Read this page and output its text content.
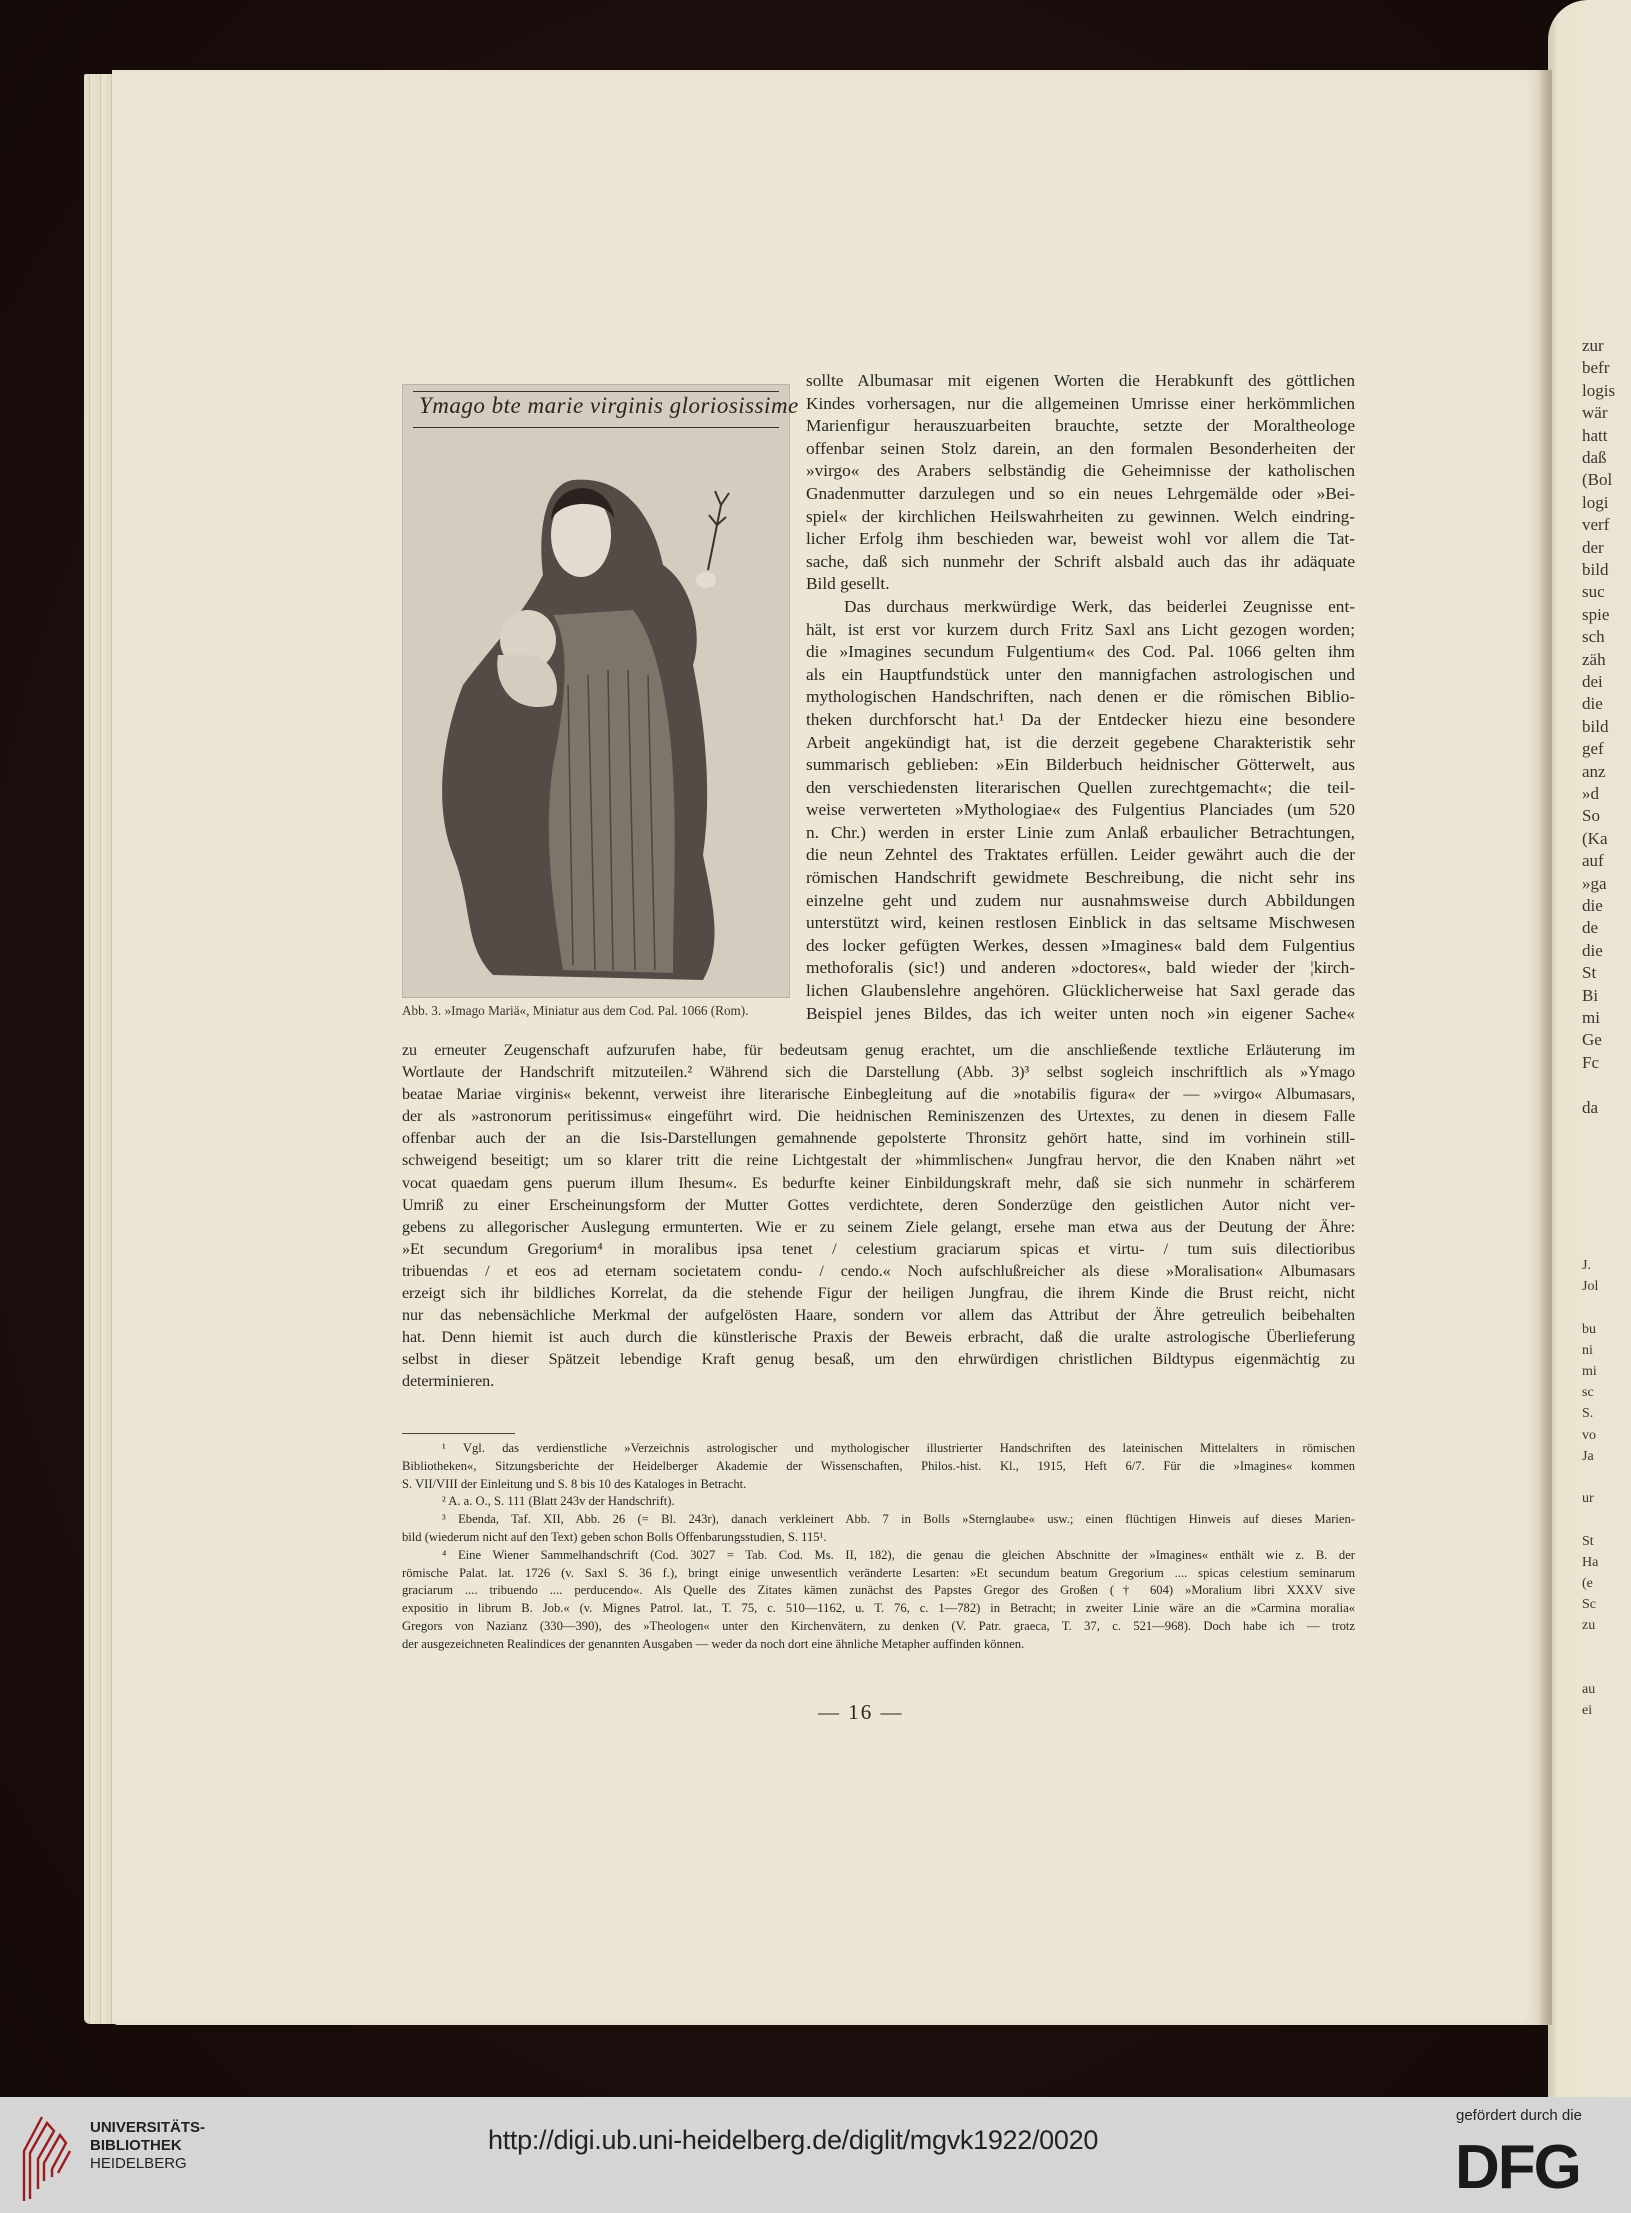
Ymago bte marie virginis gloriosissime
Abb. 3. »Imago Mariä«, Miniatur aus dem Cod. Pal. 1066 (Rom).
sollte Albumasar mit eigenen Worten die Herabkunft des göttlichen
Kindes vorhersagen, nur die allgemeinen Umrisse einer herkömmlichen
Marienfigur herauszuarbeiten brauchte, setzte der Moraltheologe
offenbar seinen Stolz darein, an den formalen Besonderheiten der
»virgo« des Arabers selbständig die Geheimnisse der katholischen
Gnadenmutter darzulegen und so ein neues Lehrgemälde oder »Bei-
spiel« der kirchlichen Heilswahrheiten zu gewinnen. Welch eindring-
licher Erfolg ihm beschieden war, beweist wohl vor allem die Tat-
sache, daß sich nunmehr der Schrift alsbald auch das ihr adäquate
Bild gesellt.
Das durchaus merkwürdige Werk, das beiderlei Zeugnisse ent-
hält, ist erst vor kurzem durch Fritz Saxl ans Licht gezogen worden;
die »Imagines secundum Fulgentium« des Cod. Pal. 1066 gelten ihm
als ein Hauptfundstück unter den mannigfachen astrologischen und
mythologischen Handschriften, nach denen er die römischen Biblio-
theken durchforscht hat.¹ Da der Entdecker hiezu eine besondere
Arbeit angekündigt hat, ist die derzeit gegebene Charakteristik sehr
summarisch geblieben: »Ein Bilderbuch heidnischer Götterwelt, aus
den verschiedensten literarischen Quellen zurechtgemacht«; die teil-
weise verwerteten »Mythologiae« des Fulgentius Planciades (um 520
n. Chr.) werden in erster Linie zum Anlaß erbaulicher Betrachtungen,
die neun Zehntel des Traktates erfüllen. Leider gewährt auch die der
römischen Handschrift gewidmete Beschreibung, die nicht sehr ins
einzelne geht und zudem nur ausnahmsweise durch Abbildungen
unterstützt wird, keinen restlosen Einblick in das seltsame Mischwesen
des locker gefügten Werkes, dessen »Imagines« bald dem Fulgentius
methoforalis (sic!) und anderen »doctores«, bald wieder der ¦kirch-
lichen Glaubenslehre angehören. Glücklicherweise hat Saxl gerade das
Beispiel jenes Bildes, das ich weiter unten noch »in eigener Sache«
zu erneuter Zeugenschaft aufzurufen habe, für bedeutsam genug erachtet, um die anschließende textliche Erläuterung im
Wortlaute der Handschrift mitzuteilen.² Während sich die Darstellung (Abb. 3)³ selbst sogleich inschriftlich als »Ymago
beatae Mariae virginis« bekennt, verweist ihre literarische Einbegleitung auf die »notabilis figura« der — »virgo« Albumasars,
der als »astronorum peritissimus« eingeführt wird. Die heidnischen Reminiszenzen des Urtextes, zu denen in diesem Falle
offenbar auch der an die Isis-Darstellungen gemahnende gepolsterte Thronsitz gehört hatte, sind im vorhinein still-
schweigend beseitigt; um so klarer tritt die reine Lichtgestalt der »himmlischen« Jungfrau hervor, die den Knaben nährt »et
vocat quaedam gens puerum illum Ihesum«. Es bedurfte keiner Einbildungskraft mehr, daß sie sich nunmehr in schärferem
Umriß zu einer Erscheinungsform der Mutter Gottes verdichtete, deren Sonderzüge den geistlichen Autor nicht ver-
gebens zu allegorischer Auslegung ermunterten. Wie er zu seinem Ziele gelangt, ersehe man etwa aus der Deutung der Ähre:
»Et secundum Gregorium⁴ in moralibus ipsa tenet / celestium graciarum spicas et virtu- / tum suis dilectioribus
tribuendas / et eos ad eternam societatem condu- / cendo.« Noch aufschlußreicher als diese »Moralisation« Albumasars
erzeigt sich ihr bildliches Korrelat, da die stehende Figur der heiligen Jungfrau, die ihrem Kinde die Brust reicht, nicht
nur das nebensächliche Merkmal der aufgelösten Haare, sondern vor allem das Attribut der Ähre getreulich beibehalten
hat. Denn hiemit ist auch durch die künstlerische Praxis der Beweis erbracht, daß die uralte astrologische Überlieferung
selbst in dieser Spätzeit lebendige Kraft genug besaß, um den ehrwürdigen christlichen Bildtypus eigenmächtig zu
determinieren.
¹ Vgl. das verdienstliche »Verzeichnis astrologischer und mythologischer illustrierter Handschriften des lateinischen Mittelalters in römischen
Bibliotheken«, Sitzungsberichte der Heidelberger Akademie der Wissenschaften, Philos.-hist. Kl., 1915, Heft 6/7. Für die »Imagines« kommen
S. VII/VIII der Einleitung und S. 8 bis 10 des Kataloges in Betracht.
² A. a. O., S. 111 (Blatt 243v der Handschrift).
³ Ebenda, Taf. XII, Abb. 26 (= Bl. 243r), danach verkleinert Abb. 7 in Bolls »Sternglaube« usw.; einen flüchtigen Hinweis auf dieses Marien-
bild (wiederum nicht auf den Text) geben schon Bolls Offenbarungsstudien, S. 115¹.
⁴ Eine Wiener Sammelhandschrift (Cod. 3027 = Tab. Cod. Ms. II, 182), die genau die gleichen Abschnitte der »Imagines« enthält wie z. B. der
römische Palat. lat. 1726 (v. Saxl S. 36 f.), bringt einige unwesentlich veränderte Lesarten: »Et secundum beatum Gregorium .... spicas celestium seminarum
graciarum .... tribuendo .... perducendo«. Als Quelle des Zitates kämen zunächst des Papstes Gregor des Großen († 604) »Moralium libri XXXV sive
expositio in librum B. Job.« (v. Mignes Patrol. lat., T. 75, c. 510—1162, u. T. 76, c. 1—782) in Betracht; in zweiter Linie wäre an die »Carmina moralia«
Gregors von Nazianz (330—390), des »Theologen« unter den Kirchenvätern, zu denken (V. Patr. graeca, T. 37, c. 521—968). Doch habe ich — trotz
der ausgezeichneten Realindices der genannten Ausgaben — weder da noch dort eine ähnliche Metapher auffinden können.
— 16 —
UNIVERSITÄTS-
BIBLIOTHEK
HEIDELBERG
http://digi.ub.uni-heidelberg.de/diglit/mgvk1922/0020
gefördert durch die
DFG
zur
befr
logis
wär
hatt
daß
(Bol
logi
verf
der
bild
suc
spie
sch
zäh
dei
die
bild
gef
anz
»d
So
(Ka
auf
»ga
die
de
die
St
Bi
mi
Ge
Fc
da
J.
Jol
bu
ni
mi
sc
S.
vo
Ja
ur
St
Ha
(e
Sc
zu
au
ei
